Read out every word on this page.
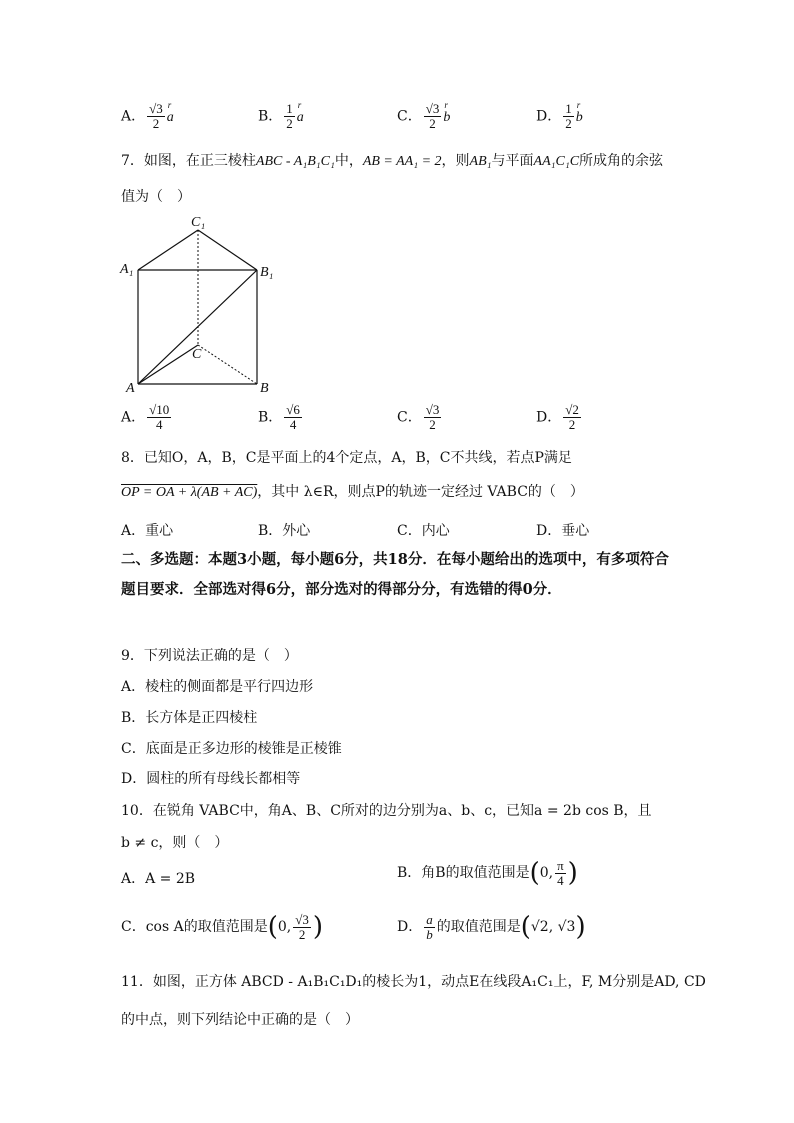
A． $\frac{√3}{2}$ r
a	B． $\frac{1}{2}$ r
a	C． $\frac{√3}{2}$ r
b	D． $\frac{1}{2}$ r
b
7．如图，在正三棱柱ABC - A₁B₁C₁中，AB = AA₁ = 2，则AB₁与平面AA₁C₁C所成角的余弦
值为（　）
C₁
A₁	B₁
C
A	B
A． $\frac{√10}{4}$	B． $\frac{√6}{4}$	C． $\frac{√3}{2}$	D． $\frac{√2}{2}$
8．已知O，A，B，C是平面上的4个定点，A，B，C不共线，若点P满足
OP = OA + λ(AB + AC)，其中 λ∈R，则点P的轨迹一定经过 VABC的（　）
A．重心	B．外心	C．内心	D．垂心
二、多选题：本题3小题，每小题6分，共18分．在每小题给出的选项中，有多项符合题目要求．全部选对得6分，部分选对的得部分分，有选错的得0分．
9．下列说法正确的是（　）
A．棱柱的侧面都是平行四边形
B．长方体是正四棱柱
C．底面是正多边形的棱锥是正棱锥
D．圆柱的所有母线长都相等
10．在锐角 VABC中，角A、B、C所对的边分别为a、b、c，已知a = 2b cos B，且
b ≠ c，则（　）
A．A = 2B	B．角B的取值范围是(0, $\frac{\pi}{4}$ )
C．cos A的取值范围是(0, $\frac{√3}{2}$ )	D． $\frac{a}{b}$ 的取值范围是(√2, √3)
11．如图，正方体 ABCD - A₁B₁C₁D₁的棱长为1，动点E在线段A₁C₁上，F, M分别是AD, CD
的中点，则下列结论中正确的是（　）
